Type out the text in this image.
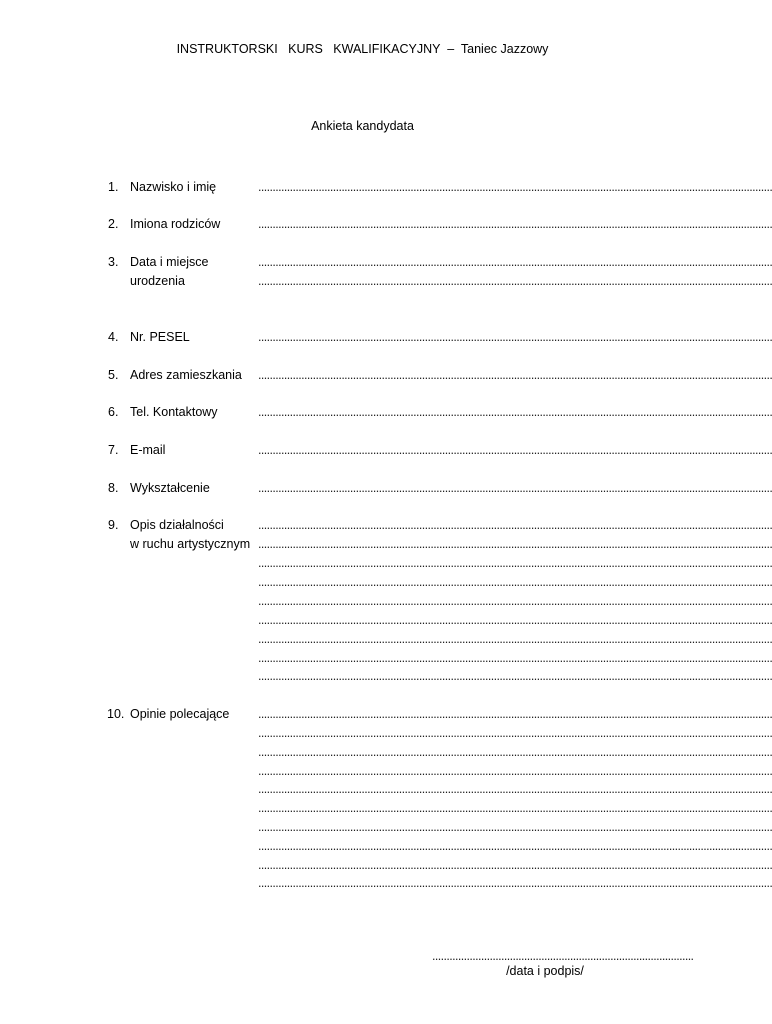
INSTRUKTORSKI   KURS   KWALIFIKACYJNY  –  Taniec Jazzowy
Ankieta kandydata
1. Nazwisko i imię	...................................................................................................................................................................................
2. Imiona rodziców	...................................................................................................................................................................................
3. Data i miejsce
urodzenia
...................................................................................................................................................................................
...................................................................................................................................................................................
4. Nr. PESEL	...................................................................................................................................................................................
5. Adres zamieszkania ...................................................................................................................................................................................
6. Tel. Kontaktowy	...................................................................................................................................................................................
7. E-mail	...................................................................................................................................................................................
8. Wykształcenie	...................................................................................................................................................................................
9. Opis działalności
w ruchu artystycznym
...................................................................................................................................................................................
...................................................................................................................................................................................
...................................................................................................................................................................................
...................................................................................................................................................................................
...................................................................................................................................................................................
...................................................................................................................................................................................
...................................................................................................................................................................................
...................................................................................................................................................................................
...................................................................................................................................................................................
10. Opinie polecające ...................................................................................................................................................................................
...................................................................................................................................................................................
...................................................................................................................................................................................
...................................................................................................................................................................................
...................................................................................................................................................................................
...................................................................................................................................................................................
...................................................................................................................................................................................
...................................................................................................................................................................................
...................................................................................................................................................................................
...................................................................................................................................................................................
...........................................................................................
/data i podpis/
